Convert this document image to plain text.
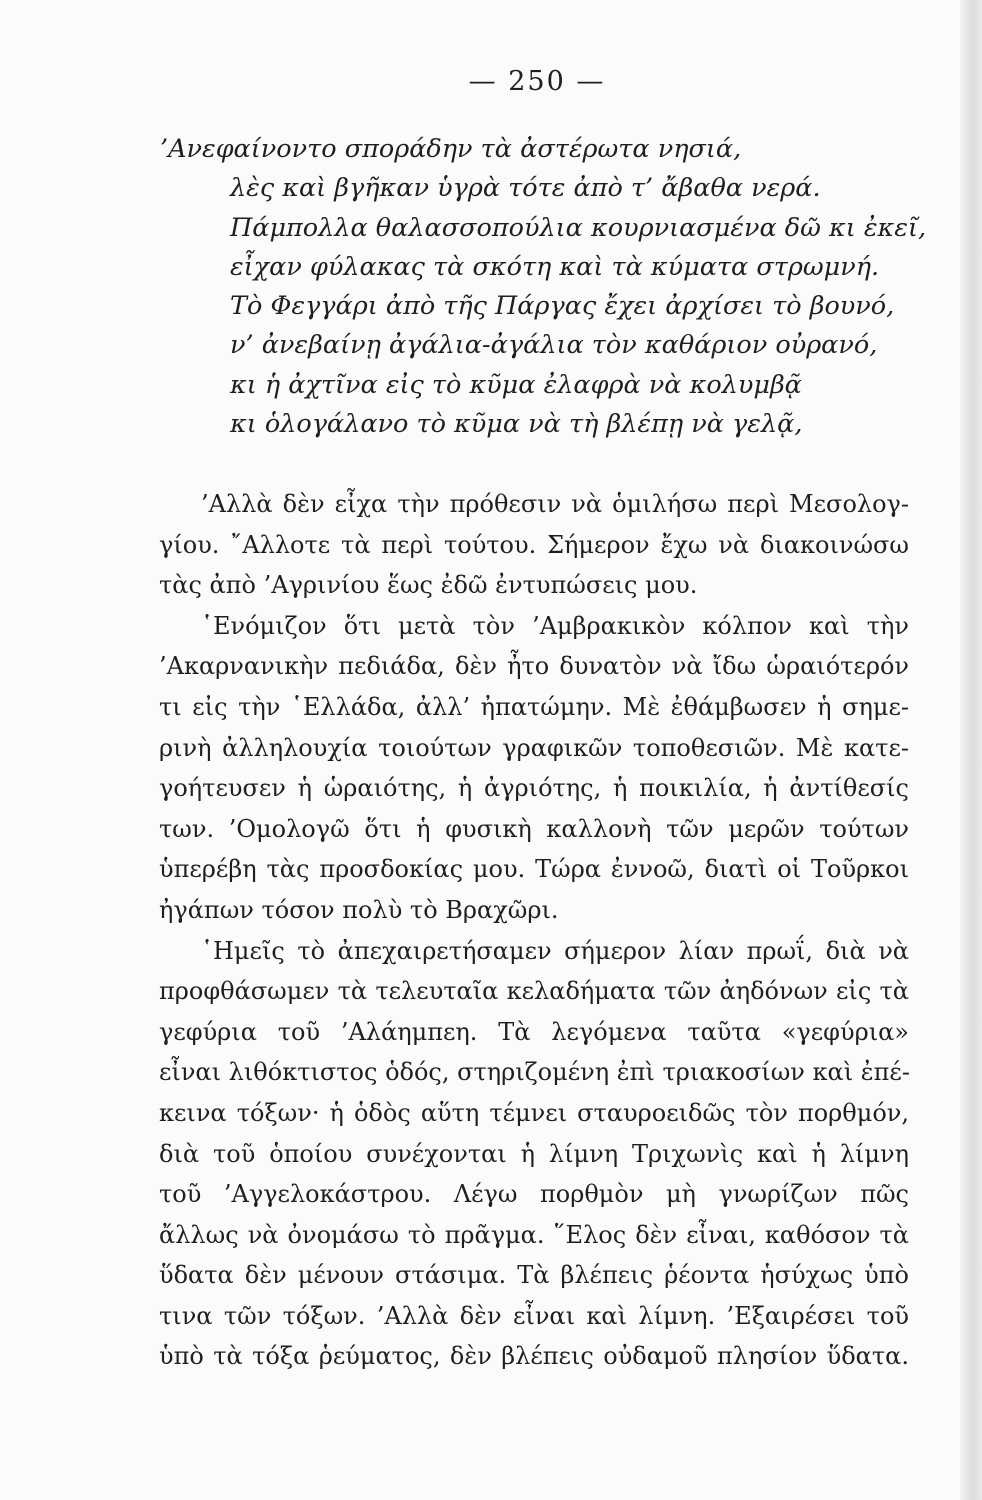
— 250 —
’Ανεφαίνοντο σποράδην τὰ ἀστέρωτα νησιά,
λὲς καὶ βγῆκαν ὑγρὰ τότε ἀπὸ τ’ ἄβαθα νερά.
Πάμπολλα θαλασσοπούλια κουρνιασμένα δῶ κι ἐκεῖ,
εἶχαν φύλακας τὰ σκότη καὶ τὰ κύματα στρωμνή.
Τὸ Φεγγάρι ἀπὸ τῆς Πάργας ἔχει ἀρχίσει τὸ βουνό,
ν’ ἀνεβαίνῃ ἀγάλια-ἀγάλια τὸν καθάριον οὐρανό,
κι ἡ ἀχτῖνα εἰς τὸ κῦμα ἐλαφρὰ νὰ κολυμβᾷ
κι ὁλογάλανο τὸ κῦμα νὰ τὴ βλέπῃ νὰ γελᾷ,
’Αλλὰ δὲν εἶχα τὴν πρόθεσιν νὰ ὁμιλήσω περὶ Μεσολογ-
γίου. ῎Αλλοτε τὰ περὶ τούτου. Σήμερον ἔχω νὰ διακοινώσω
τὰς ἀπὸ ’Αγρινίου ἕως ἐδῶ ἐντυπώσεις μου.
῾Ενόμιζον ὅτι μετὰ τὸν ’Αμβρακικὸν κόλπον καὶ τὴν
’Ακαρνανικὴν πεδιάδα, δὲν ἦτο δυνατὸν νὰ ἴδω ὡραιότερόν
τι εἰς τὴν ῾Ελλάδα, ἀλλ’ ἠπατώμην. Μὲ ἐθάμβωσεν ἡ σημε-
ρινὴ ἀλληλουχία τοιούτων γραφικῶν τοποθεσιῶν. Μὲ κατε-
γοήτευσεν ἡ ὡραιότης, ἡ ἀγριότης, ἡ ποικιλία, ἡ ἀντίθεσίς
των. ’Ομολογῶ ὅτι ἡ φυσικὴ καλλονὴ τῶν μερῶν τούτων
ὑπερέβη τὰς προσδοκίας μου. Τώρα ἐννοῶ, διατὶ οἱ Τοῦρκοι
ἠγάπων τόσον πολὺ τὸ Βραχῶρι.
῾Ημεῖς τὸ ἀπεχαιρετήσαμεν σήμερον λίαν πρωΐ, διὰ νὰ
προφθάσωμεν τὰ τελευταῖα κελαδήματα τῶν ἀηδόνων εἰς τὰ
γεφύρια τοῦ ’Αλάημπεη. Τὰ λεγόμενα ταῦτα «γεφύρια»
εἶναι λιθόκτιστος ὁδός, στηριζομένη ἐπὶ τριακοσίων καὶ ἐπέ-
κεινα τόξων· ἡ ὁδὸς αὕτη τέμνει σταυροειδῶς τὸν πορθμόν,
διὰ τοῦ ὁποίου συνέχονται ἡ λίμνη Τριχωνὶς καὶ ἡ λίμνη
τοῦ ’Αγγελοκάστρου. Λέγω πορθμὸν μὴ γνωρίζων πῶς
ἄλλως νὰ ὀνομάσω τὸ πρᾶγμα. ῞Ελος δὲν εἶναι, καθόσον τὰ
ὕδατα δὲν μένουν στάσιμα. Τὰ βλέπεις ῥέοντα ἡσύχως ὑπὸ
τινα τῶν τόξων. ’Αλλὰ δὲν εἶναι καὶ λίμνη. ’Εξαιρέσει τοῦ
ὑπὸ τὰ τόξα ῥεύματος, δὲν βλέπεις οὐδαμοῦ πλησίον ὕδατα.
